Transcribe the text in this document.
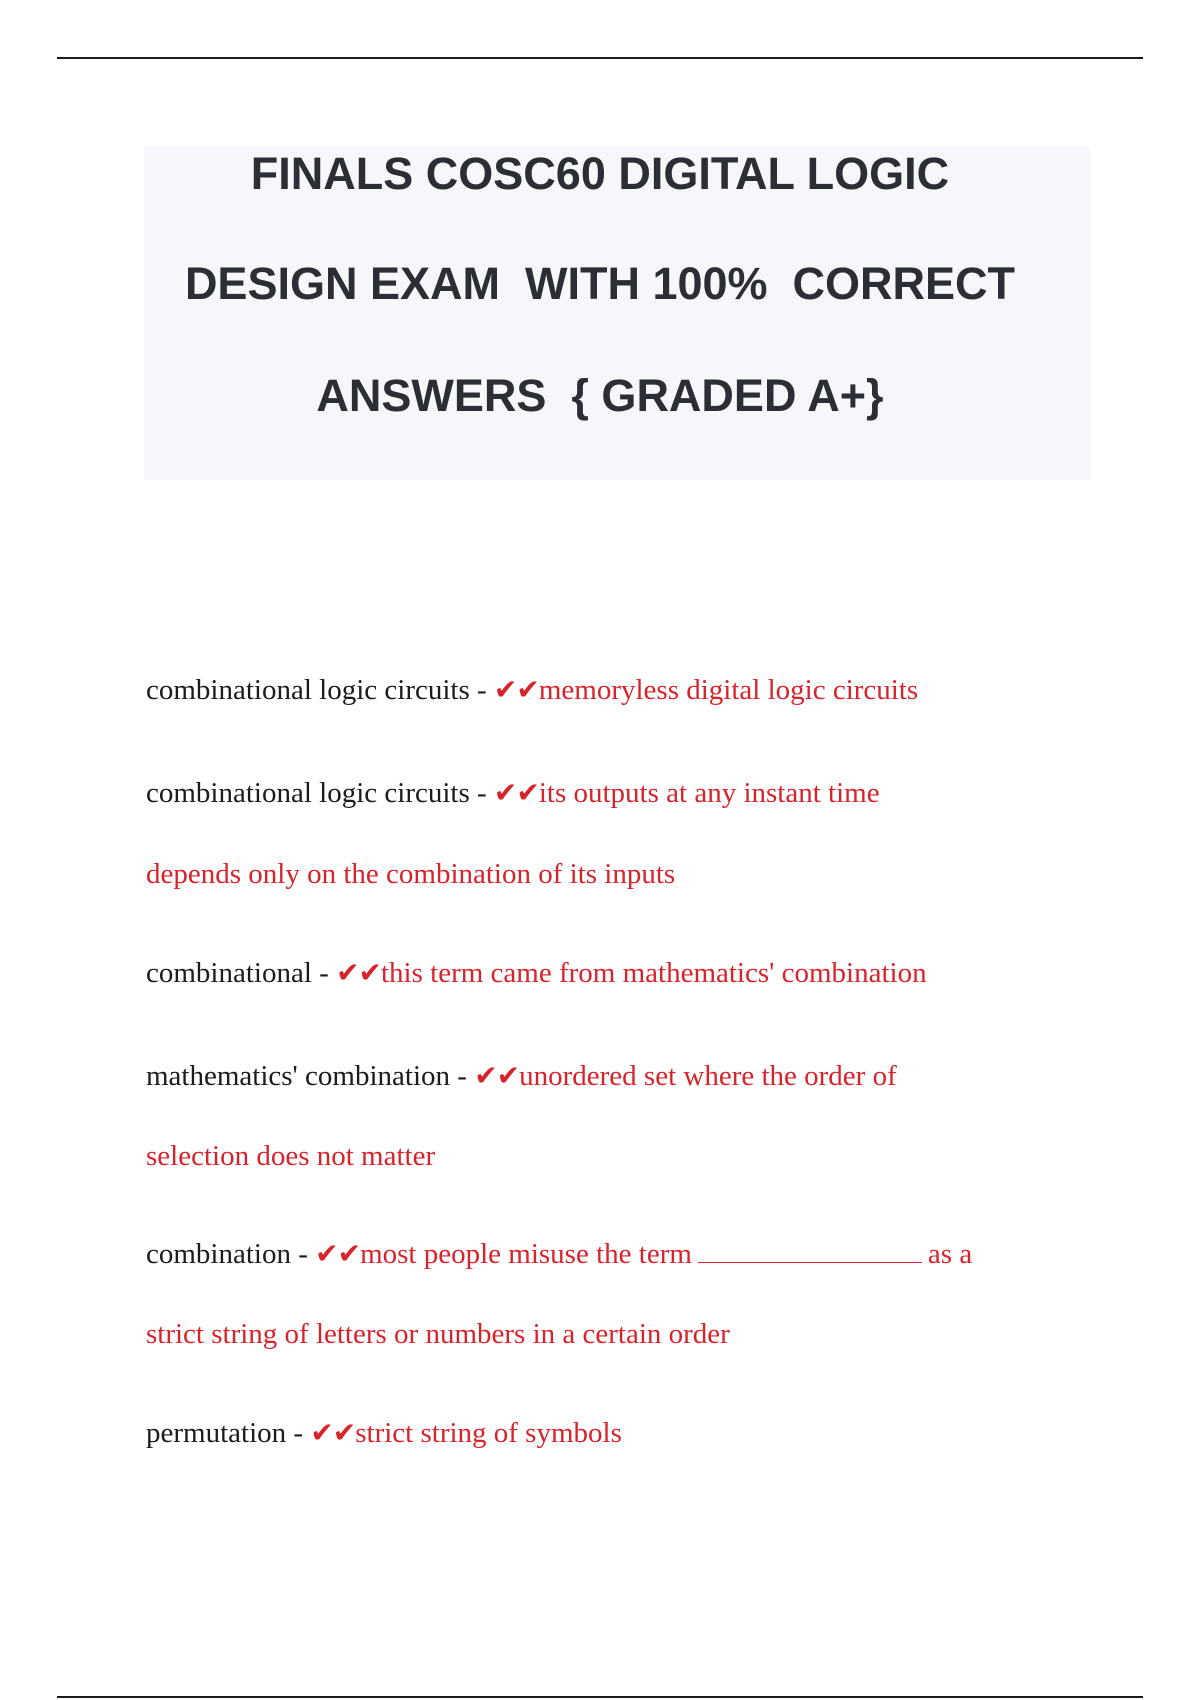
FINALS COSC60 DIGITAL LOGIC
DESIGN EXAM  WITH 100%  CORRECT
ANSWERS  { GRADED A+}
combinational logic circuits - ✔✔memoryless digital logic circuits
combinational logic circuits - ✔✔its outputs at any instant time
depends only on the combination of its inputs
combinational - ✔✔this term came from mathematics' combination
mathematics' combination - ✔✔unordered set where the order of
selection does not matter
combination - ✔✔most people misuse the term	as a
strict string of letters or numbers in a certain order
permutation - ✔✔strict string of symbols
